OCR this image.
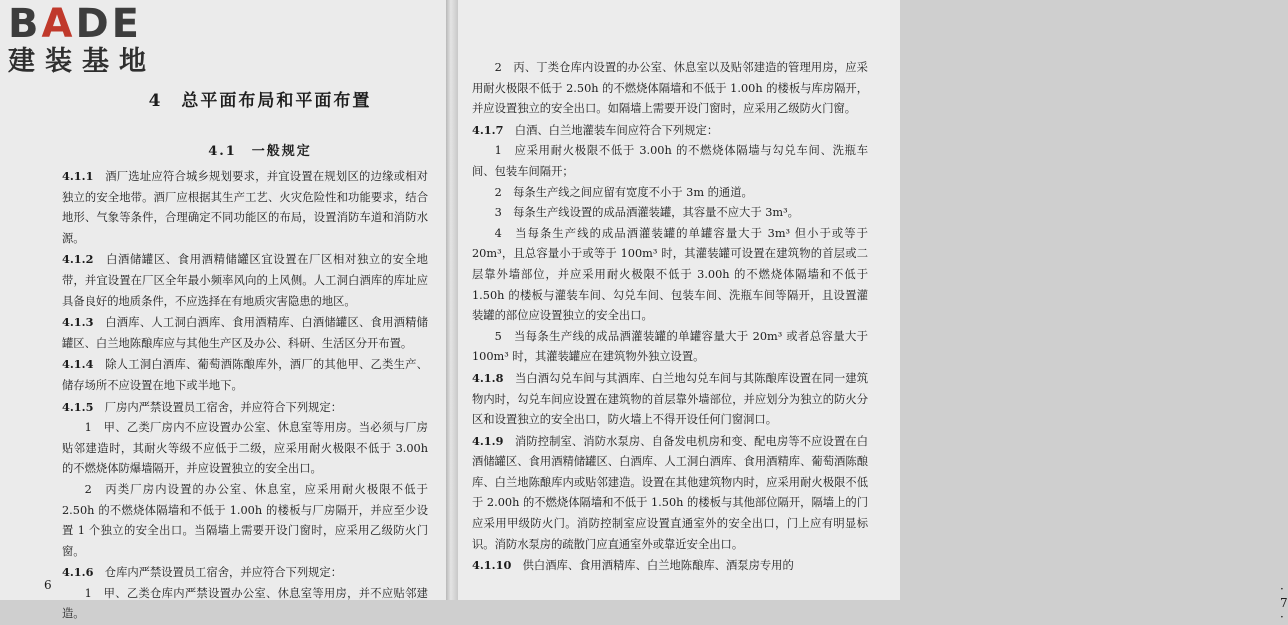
BADE
建装基地
4　总平面布局和平面布置
4.1　一般规定

4.1.1　 酒厂选址应符合城乡规划要求，并宜设置在规划区的边缘或相对独立的安全地带。酒厂应根据其生产工艺、火灾危险性和功能要求，结合地形、气象等条件，合理确定不同功能区的布局，设置消防车道和消防水源。

4.1.2　 白酒储罐区、食用酒精储罐区宜设置在厂区相对独立的安全地带，并宜设置在厂区全年最小频率风向的上风侧。人工洞白酒库的库址应具备良好的地质条件，不应选择在有地质灾害隐患的地区。

4.1.3　 白酒库、人工洞白酒库、食用酒精库、白酒储罐区、食用酒精储罐区、白兰地陈酿库应与其他生产区及办公、科研、生活区分开布置。

4.1.4　 除人工洞白酒库、葡萄酒陈酿库外，酒厂的其他甲、乙类生产、储存场所不应设置在地下或半地下。

4.1.5　 厂房内严禁设置员工宿舍，并应符合下列规定：

1　 甲、乙类厂房内不应设置办公室、休息室等用房。当必须与厂房贴邻建造时，其耐火等级不应低于二级，应采用耐火极限不低于 3.00h 的不燃烧体防爆墙隔开，并应设置独立的安全出口。

2　 丙类厂房内设置的办公室、休息室，应采用耐火极限不低于 2.50h 的不燃烧体隔墙和不低于 1.00h 的楼板与厂房隔开，并应至少设置 1 个独立的安全出口。当隔墙上需要开设门窗时，应采用乙级防火门窗。

4.1.6　 仓库内严禁设置员工宿舍，并应符合下列规定：

1　 甲、乙类仓库内严禁设置办公室、休息室等用房，并不应贴邻建造。

6

2　 丙、丁类仓库内设置的办公室、休息室以及贴邻建造的管理用房，应采用耐火极限不低于 2.50h 的不燃烧体隔墙和不低于 1.00h 的楼板与库房隔开，并应设置独立的安全出口。如隔墙上需要开设门窗时，应采用乙级防火门窗。

4.1.7　 白酒、白兰地灌装车间应符合下列规定：

1　 应采用耐火极限不低于 3.00h 的不燃烧体隔墙与勾兑车间、洗瓶车间、包装车间隔开；

2　 每条生产线之间应留有宽度不小于 3m 的通道。

3　 每条生产线设置的成品酒灌装罐，其容量不应大于 3m³。

4　 当每条生产线的成品酒灌装罐的单罐容量大于 3m³ 但小于或等于 20m³，且总容量小于或等于 100m³ 时，其灌装罐可设置在建筑物的首层或二层靠外墙部位，并应采用耐火极限不低于 3.00h 的不燃烧体隔墙和不低于 1.50h 的楼板与灌装车间、勾兑车间、包装车间、洗瓶车间等隔开，且设置灌装罐的部位应设置独立的安全出口。

5　 当每条生产线的成品酒灌装罐的单罐容量大于 20m³ 或者总容量大于 100m³ 时，其灌装罐应在建筑物外独立设置。

4.1.8　 当白酒勾兑车间与其酒库、白兰地勾兑车间与其陈酿库设置在同一建筑物内时，勾兑车间应设置在建筑物的首层靠外墙部位，并应划分为独立的防火分区和设置独立的安全出口，防火墙上不得开设任何门窗洞口。

4.1.9　 消防控制室、消防水泵房、自备发电机房和变、配电房等不应设置在白酒储罐区、食用酒精储罐区、白酒库、人工洞白酒库、食用酒精库、葡萄酒陈酿库、白兰地陈酿库内或贴邻建造。设置在其他建筑物内时，应采用耐火极限不低于 2.00h 的不燃烧体隔墙和不低于 1.50h 的楼板与其他部位隔开，隔墙上的门应采用甲级防火门。消防控制室应设置直通室外的安全出口，门上应有明显标识。消防水泵房的疏散门应直通室外或靠近安全出口。

4.1.10　 供白酒库、食用酒精库、白兰地陈酿库、酒泵房专用的

· 7 ·
